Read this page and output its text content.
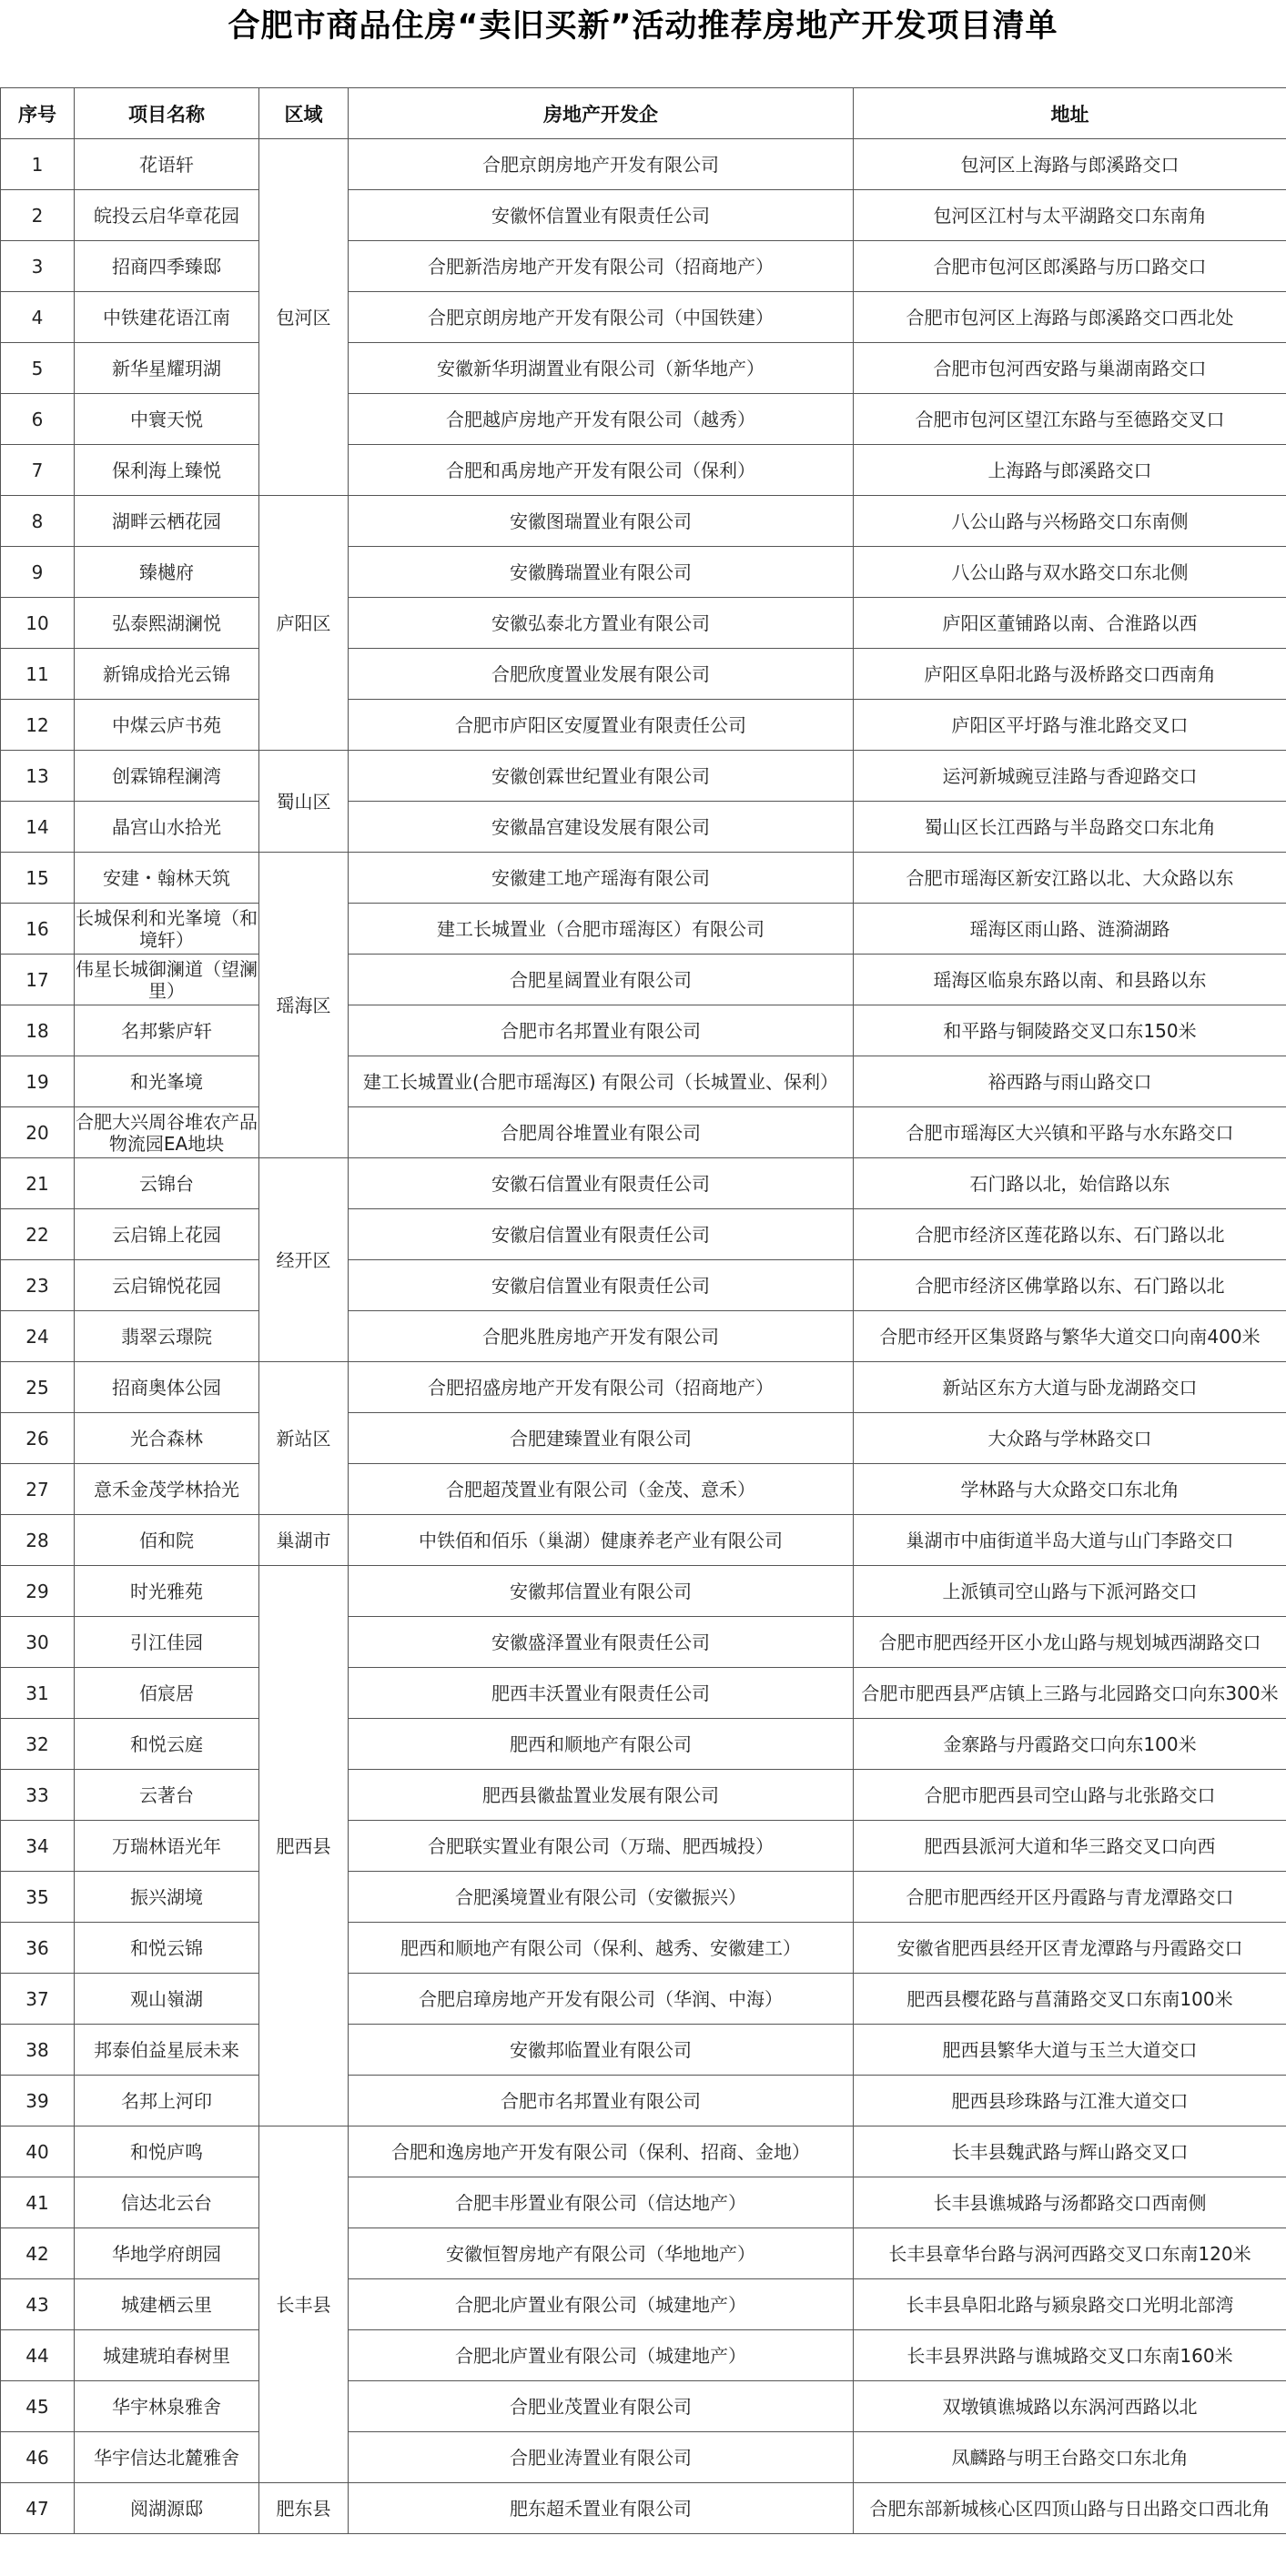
合肥市商品住房“卖旧买新”活动推荐房地产开发项目清单
序号	项目名称	区域	房地产开发企	地址
1	花语轩	包河区	合肥京朗房地产开发有限公司	包河区上海路与郎溪路交口
2	皖投云启华章花园		安徽怀信置业有限责任公司	包河区江村与太平湖路交口东南角
3	招商四季臻邸		合肥新浩房地产开发有限公司（招商地产）	合肥市包河区郎溪路与历口路交口
4	中铁建花语江南		合肥京朗房地产开发有限公司（中国铁建）	合肥市包河区上海路与郎溪路交口西北处
5	新华星耀玥湖		安徽新华玥湖置业有限公司（新华地产）	合肥市包河西安路与巢湖南路交口
6	中寰天悦		合肥越庐房地产开发有限公司（越秀）	合肥市包河区望江东路与至德路交叉口
7	保利海上臻悦		合肥和禹房地产开发有限公司（保利）	上海路与郎溪路交口
8	湖畔云栖花园	庐阳区	安徽图瑞置业有限公司	八公山路与兴杨路交口东南侧
9	臻樾府		安徽腾瑞置业有限公司	八公山路与双水路交口东北侧
10	弘泰熙湖澜悦		安徽弘泰北方置业有限公司	庐阳区董铺路以南、合淮路以西
11	新锦成拾光云锦		合肥欣度置业发展有限公司	庐阳区阜阳北路与汲桥路交口西南角
12	中煤云庐书苑		合肥市庐阳区安厦置业有限责任公司	庐阳区平圩路与淮北路交叉口
13	创霖锦程澜湾	蜀山区	安徽创霖世纪置业有限公司	运河新城豌豆洼路与香迎路交口
14	晶宫山水拾光		安徽晶宫建设发展有限公司	蜀山区长江西路与半岛路交口东北角
15	安建・翰林天筑	瑶海区	安徽建工地产瑶海有限公司	合肥市瑶海区新安江路以北、大众路以东
16	长城保利和光峯境（和境轩）		建工长城置业（合肥市瑶海区）有限公司	瑶海区雨山路、涟漪湖路
17	伟星长城御澜道（望澜里）		合肥星阔置业有限公司	瑶海区临泉东路以南、和县路以东
18	名邦紫庐轩		合肥市名邦置业有限公司	和平路与铜陵路交叉口东150米
19	和光峯境		建工长城置业(合肥市瑶海区) 有限公司（长城置业、保利）	裕西路与雨山路交口
20	合肥大兴周谷堆农产品物流园EA地块		合肥周谷堆置业有限公司	合肥市瑶海区大兴镇和平路与水东路交口
21	云锦台	经开区	安徽石信置业有限责任公司	石门路以北，始信路以东
22	云启锦上花园		安徽启信置业有限责任公司	合肥市经济区莲花路以东、石门路以北
23	云启锦悦花园		安徽启信置业有限责任公司	合肥市经济区佛掌路以东、石门路以北
24	翡翠云璟院		合肥兆胜房地产开发有限公司	合肥市经开区集贤路与繁华大道交口向南400米
25	招商奥体公园	新站区	合肥招盛房地产开发有限公司（招商地产）	新站区东方大道与卧龙湖路交口
26	光合森林		合肥建臻置业有限公司	大众路与学林路交口
27	意禾金茂学林拾光		合肥超茂置业有限公司（金茂、意禾）	学林路与大众路交口东北角
28	佰和院	巢湖市	中铁佰和佰乐（巢湖）健康养老产业有限公司	巢湖市中庙街道半岛大道与山门李路交口
29	时光雅苑	肥西县	安徽邦信置业有限公司	上派镇司空山路与下派河路交口
30	引江佳园		安徽盛泽置业有限责任公司	合肥市肥西经开区小龙山路与规划城西湖路交口
31	佰宸居		肥西丰沃置业有限责任公司	合肥市肥西县严店镇上三路与北园路交口向东300米
32	和悦云庭		肥西和顺地产有限公司	金寨路与丹霞路交口向东100米
33	云著台		肥西县徽盐置业发展有限公司	合肥市肥西县司空山路与北张路交口
34	万瑞林语光年		合肥联实置业有限公司（万瑞、肥西城投）	肥西县派河大道和华三路交叉口向西
35	振兴湖境		合肥溪境置业有限公司（安徽振兴）	合肥市肥西经开区丹霞路与青龙潭路交口
36	和悦云锦		肥西和顺地产有限公司（保利、越秀、安徽建工）	安徽省肥西县经开区青龙潭路与丹霞路交口
37	观山嶺湖		合肥启璋房地产开发有限公司（华润、中海）	肥西县樱花路与菖蒲路交叉口东南100米
38	邦泰伯益星辰未来		安徽邦临置业有限公司	肥西县繁华大道与玉兰大道交口
39	名邦上河印		合肥市名邦置业有限公司	肥西县珍珠路与江淮大道交口
40	和悦庐鸣	长丰县	合肥和逸房地产开发有限公司（保利、招商、金地）	长丰县魏武路与辉山路交叉口
41	信达北云台		合肥丰彤置业有限公司（信达地产）	长丰县谯城路与汤都路交口西南侧
42	华地学府朗园		安徽恒智房地产有限公司（华地地产）	长丰县章华台路与涡河西路交叉口东南120米
43	城建栖云里		合肥北庐置业有限公司（城建地产）	长丰县阜阳北路与颍泉路交口光明北部湾
44	城建琥珀春树里		合肥北庐置业有限公司（城建地产）	长丰县界洪路与谯城路交叉口东南160米
45	华宇林泉雅舍		合肥业茂置业有限公司	双墩镇谯城路以东涡河西路以北
46	华宇信达北麓雅舍		合肥业涛置业有限公司	凤麟路与明王台路交口东北角
47	阅湖源邸	肥东县	肥东超禾置业有限公司	合肥东部新城核心区四顶山路与日出路交口西北角
